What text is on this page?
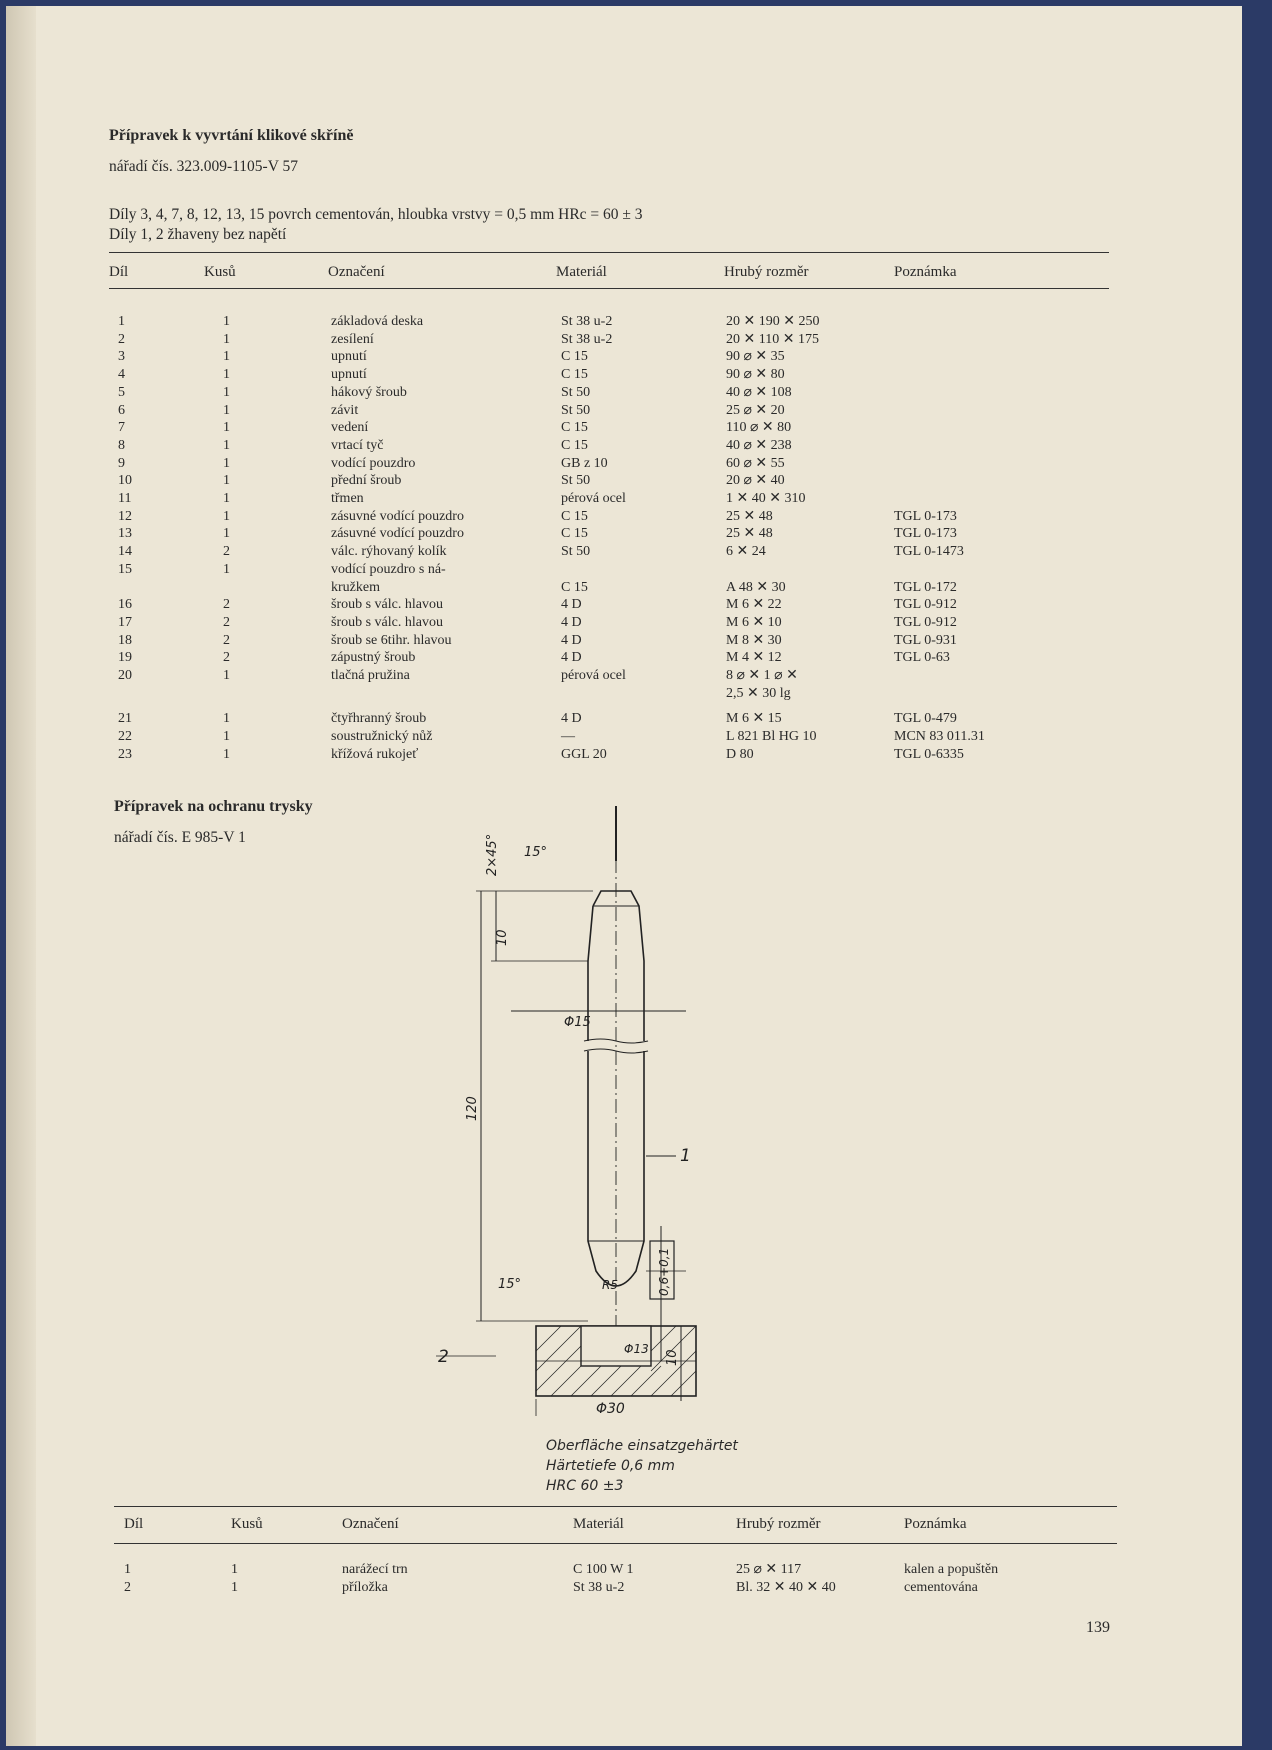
Přípravek k vyvrtání klikové skříně
nářadí čís. 323.009-1105-V 57
Díly 3, 4, 7, 8, 12, 13, 15 povrch cementován, hloubka vrstvy = 0,5 mm HRc = 60 ± 3
Díly 1, 2 žhaveny bez napětí
Díl	Kusů	Označení	Materiál	Hrubý rozměr	Poznámka
1	1	základová deska	St 38 u-2	20 ✕ 190 ✕ 250
2	1	zesílení	St 38 u-2	20 ✕ 110 ✕ 175
3	1	upnutí	C 15	90 ⌀ ✕ 35
4	1	upnutí	C 15	90 ⌀ ✕ 80
5	1	hákový šroub	St 50	40 ⌀ ✕ 108
6	1	závit	St 50	25 ⌀ ✕ 20
7	1	vedení	C 15	110 ⌀ ✕ 80
8	1	vrtací tyč	C 15	40 ⌀ ✕ 238
9	1	vodící pouzdro	GB z 10	60 ⌀ ✕ 55
10	1	přední šroub	St 50	20 ⌀ ✕ 40
11	1	třmen	pérová ocel	1 ✕ 40 ✕ 310
12	1	zásuvné vodící pouzdro	C 15	25 ✕ 48	TGL 0-173
13	1	zásuvné vodící pouzdro	C 15	25 ✕ 48	TGL 0-173
14	2	válc. rýhovaný kolík	St 50	6 ✕ 24	TGL 0-1473
15	1	vodící pouzdro s ná-
kružkem	C 15	A 48 ✕ 30	TGL 0-172
16	2	šroub s válc. hlavou	4 D	M 6 ✕ 22	TGL 0-912
17	2	šroub s válc. hlavou	4 D	M 6 ✕ 10	TGL 0-912
18	2	šroub se 6tihr. hlavou	4 D	M 8 ✕ 30	TGL 0-931
19	2	zápustný šroub	4 D	M 4 ✕ 12	TGL 0-63
20	1	tlačná pružina	pérová ocel	8 ⌀ ✕ 1 ⌀ ✕
2,5 ✕ 30 lg
21	1	čtyřhranný šroub	4 D	M 6 ✕ 15	TGL 0-479
22	1	soustružnický nůž	—	L 821 Bl HG 10	MCN 83 011.31
23	1	křížová rukojeť	GGL 20	D 80	TGL 0-6335
Přípravek na ochranu trysky
nářadí čís. E 985-V 1	2×45° 15°
10
Φ15
120
1
15°	R5	0,6+0,1
10
2	Φ13
Φ30
Oberfläche einsatzgehärtet
Härtetiefe 0,6 mm
HRC 60 ±3
Díl	Kusů	Označení	Materiál	Hrubý rozměr	Poznámka
1	1	narážecí trn	C 100 W 1	25 ⌀ ✕ 117	kalen a popuštěn
2	1	příložka	St 38 u-2	Bl. 32 ✕ 40 ✕ 40	cementována
139
